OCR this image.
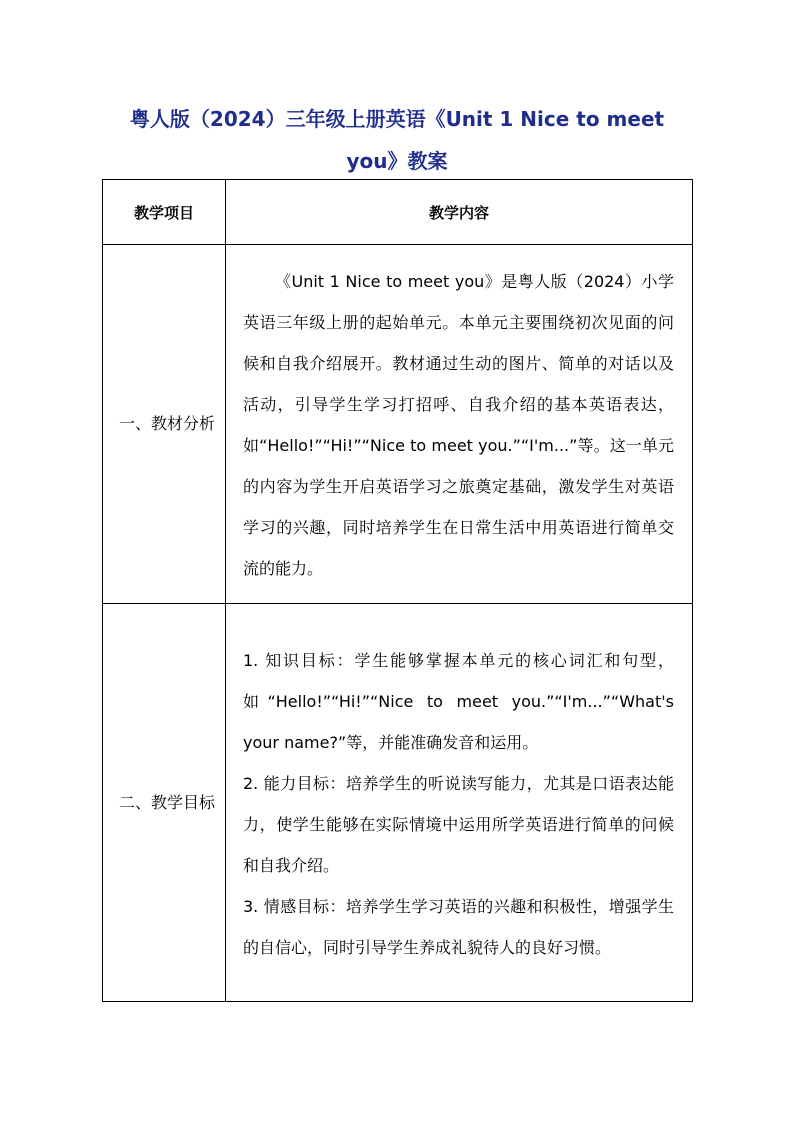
粤人版（2024）三年级上册英语《Unit 1 Nice to meet you》教案
教学项目	教学内容
一、教材分析	《Unit 1 Nice to meet you》是粤人版（2024）小学英语三年级上册的起始单元。本单元主要围绕初次见面的问候和自我介绍展开。教材通过生动的图片、简单的对话以及活动，引导学生学习打招呼、自我介绍的基本英语表达，如“Hello!”“Hi!”“Nice to meet you.”“I'm...”等。这一单元的内容为学生开启英语学习之旅奠定基础，激发学生对英语学习的兴趣，同时培养学生在日常生活中用英语进行简单交流的能力。

二、教学目标	1. 知识目标：学生能够掌握本单元的核心词汇和句型，如“Hello!”“Hi!”“Nice to meet you.”“I'm...”“What's your name?”等，并能准确发音和运用。

2. 能力目标：培养学生的听说读写能力，尤其是口语表达能力，使学生能够在实际情境中运用所学英语进行简单的问候和自我介绍。

3. 情感目标：培养学生学习英语的兴趣和积极性，增强学生的自信心，同时引导学生养成礼貌待人的良好习惯。
